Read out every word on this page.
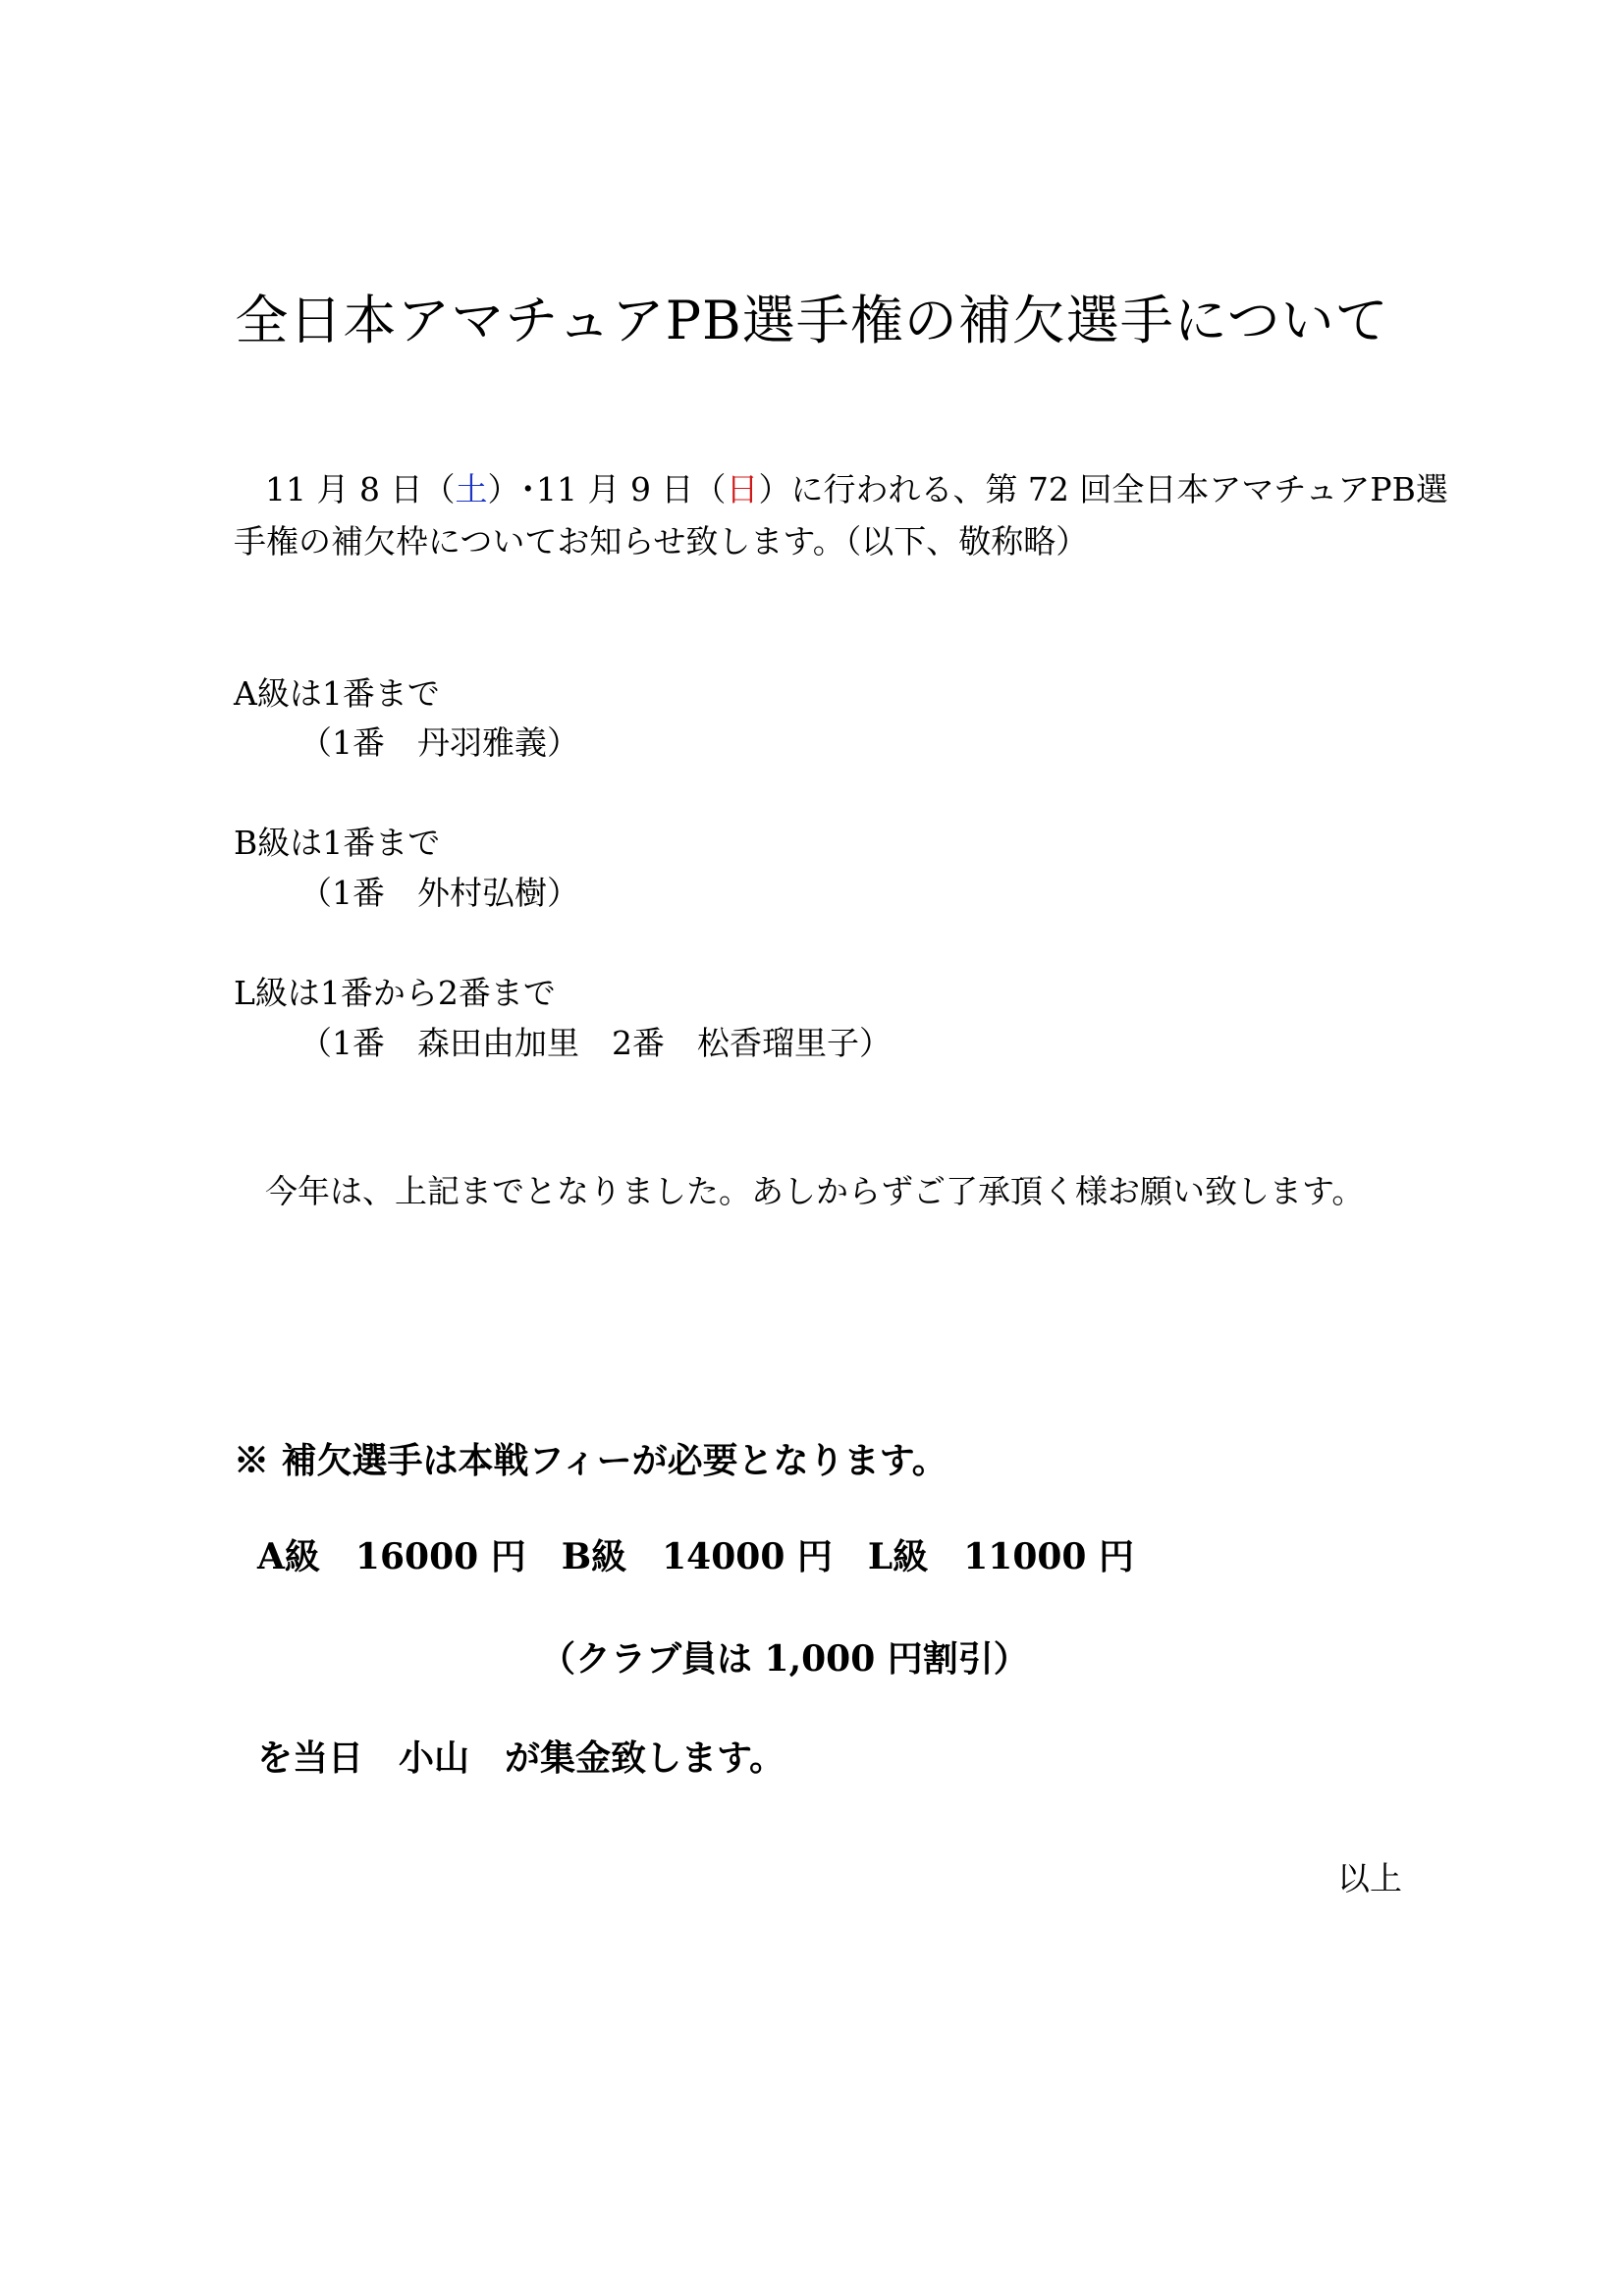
全日本アマチュアPB選手権の補欠選手について
11 月 8 日（土）･11 月 9 日（日）に行われる、第 72 回全日本アマチュアPB選
手権の補欠枠についてお知らせ致します。（以下、敬称略）
A級は1番まで
（1番　丹羽雅義）
B級は1番まで
（1番　外村弘樹）
L級は1番から2番まで
（1番　森田由加里　2番　松香瑠里子）
今年は、上記までとなりました。あしからずご了承頂く様お願い致します。
※ 補欠選手は本戦フィーが必要となります。
A級　16000 円　B級　14000 円　L級　11000 円
（クラブ員は 1,000 円割引）
を当日　小山　が集金致します。
以上
